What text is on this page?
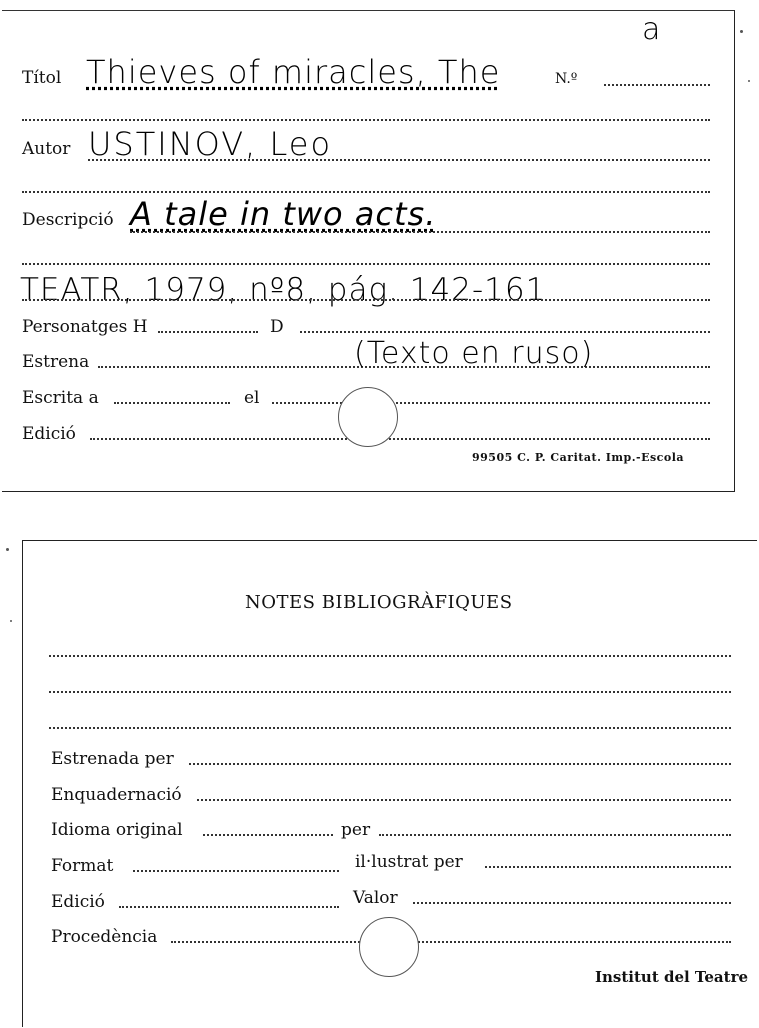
a
Títol Thieves of miracles, The	N.º
Autor USTINOV, Leo
Descripció A tale in two acts.
TEATR, 1979, nº8, pág. 142-161
Personatges H	D
Estrena	(Texto en ruso)
Escrita a	el
Edició
99505 C. P. Caritat. Imp.-Escola
NOTES BIBLIOGRÀFIQUES
Estrenada per
Enquadernació
Idioma original	per
Format	il·lustrat per
Edició	Valor
Procedència
Institut del Teatre
